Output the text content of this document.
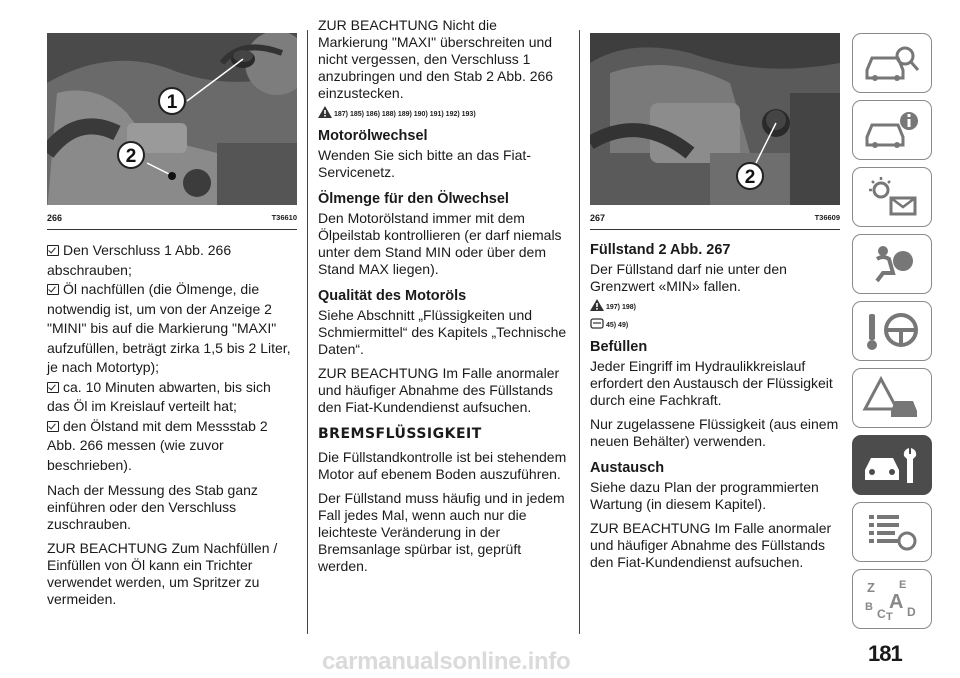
1
2
266	T36610

Den Verschluss 1 Abb. 266 abschrauben;

Öl nachfüllen (die Ölmenge, die notwendig ist, um von der Anzeige 2 "MINI" bis auf die Markierung "MAXI" aufzufüllen, beträgt zirka 1,5 bis 2 Liter, je nach Motortyp);

ca. 10 Minuten abwarten, bis sich das Öl im Kreislauf verteilt hat;

den Ölstand mit dem Messstab 2 Abb. 266 messen (wie zuvor beschrieben).

Nach der Messung des Stab ganz einführen oder den Verschluss zuschrauben.

ZUR BEACHTUNG Zum Nachfüllen / Einfüllen von Öl kann ein Trichter verwendet werden, um Spritzer zu vermeiden.

ZUR BEACHTUNG Nicht die Markierung "MAXI" überschreiten und nicht vergessen, den Verschluss 1 anzubringen und den Stab 2 Abb. 266 einzustecken.

187) 185) 186) 188) 189) 190) 191) 192) 193)
Motorölwechsel

Wenden Sie sich bitte an das Fiat-Servicenetz.

Ölmenge für den Ölwechsel

Den Motorölstand immer mit dem Ölpeilstab kontrollieren (er darf niemals unter dem Stand MIN oder über dem Stand MAX liegen).

Qualität des Motoröls

Siehe Abschnitt „Flüssigkeiten und Schmiermittel“ des Kapitels „Technische Daten“.

ZUR BEACHTUNG Im Falle anormaler und häufiger Abnahme des Füllstands den Fiat-Kundendienst aufsuchen.

BREMSFLÜSSIGKEIT

Die Füllstandkontrolle ist bei stehendem Motor auf ebenem Boden auszuführen.

Der Füllstand muss häufig und in jedem Fall jedes Mal, wenn auch nur die leichteste Veränderung in der Bremsanlage spürbar ist, geprüft werden.

2
267	T36609
Füllstand 2 Abb. 267

Der Füllstand darf nie unter den Grenzwert «MIN» fallen.

197) 198)
45) 49)
Befüllen

Jeder Eingriff im Hydraulikkreislauf erfordert den Austausch der Flüssigkeit durch eine Fachkraft.

Nur zugelassene Flüssigkeit (aus einem neuen Behälter) verwenden.

Austausch

Siehe dazu Plan der programmierten Wartung (in diesem Kapitel).

ZUR BEACHTUNG Im Falle anormaler und häufiger Abnahme des Füllstands den Fiat-Kundendienst aufsuchen.

Z E
B A
C T D
carmanualsonline.info	181
